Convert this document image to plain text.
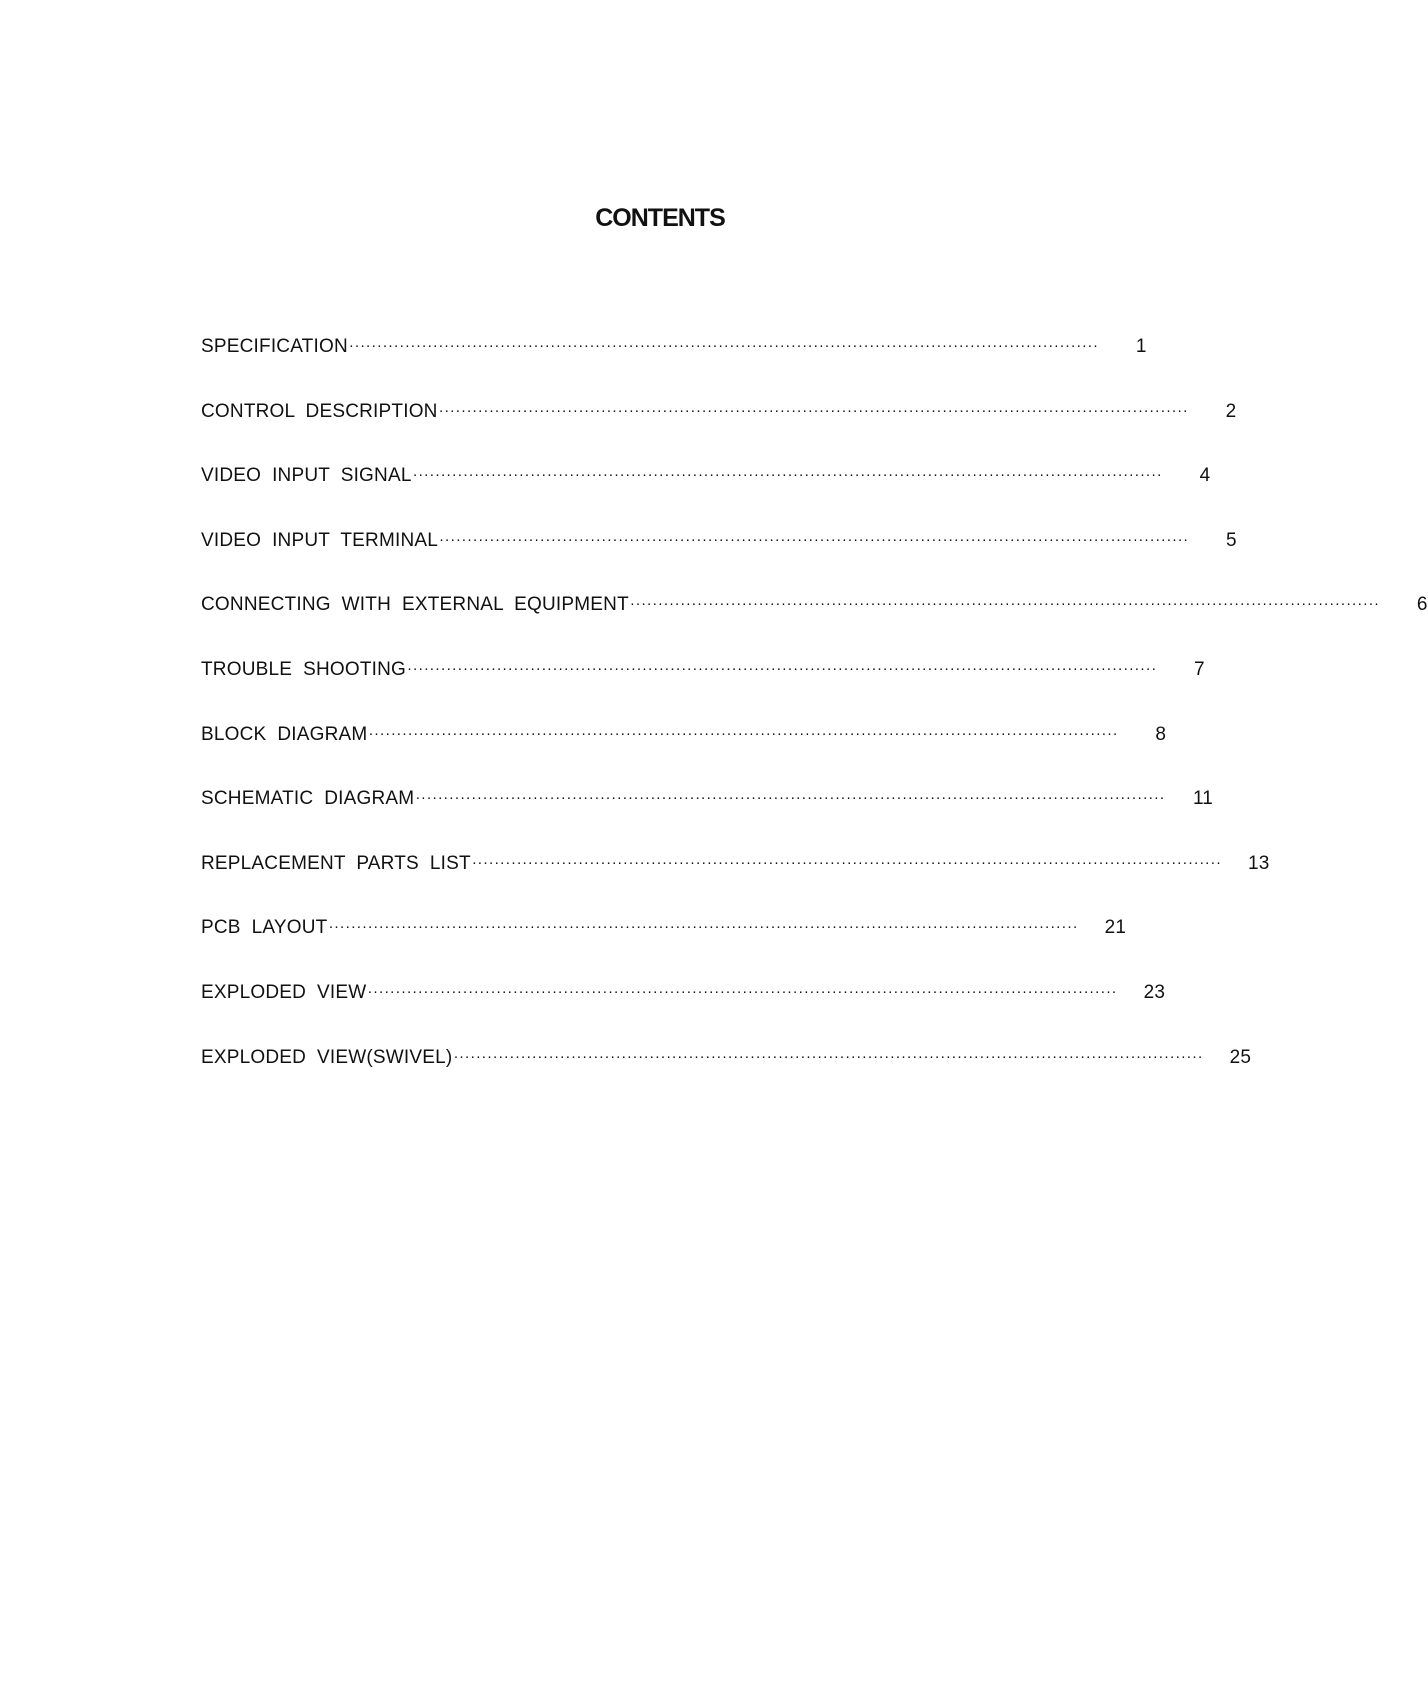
CONTENTS
SPECIFICATION ······································································································································	1
CONTROL  DESCRIPTION ······································································································································	2
VIDEO  INPUT  SIGNAL ······································································································································	4
VIDEO  INPUT  TERMINAL ······································································································································	5
CONNECTING  WITH  EXTERNAL  EQUIPMENT ······································································································································	6
TROUBLE  SHOOTING ······································································································································	7
BLOCK  DIAGRAM ······································································································································	8
SCHEMATIC  DIAGRAM ······································································································································	11
REPLACEMENT  PARTS  LIST ······································································································································	13
PCB  LAYOUT ······································································································································	21
EXPLODED  VIEW ······································································································································	23
EXPLODED  VIEW(SWIVEL) ······································································································································	25
